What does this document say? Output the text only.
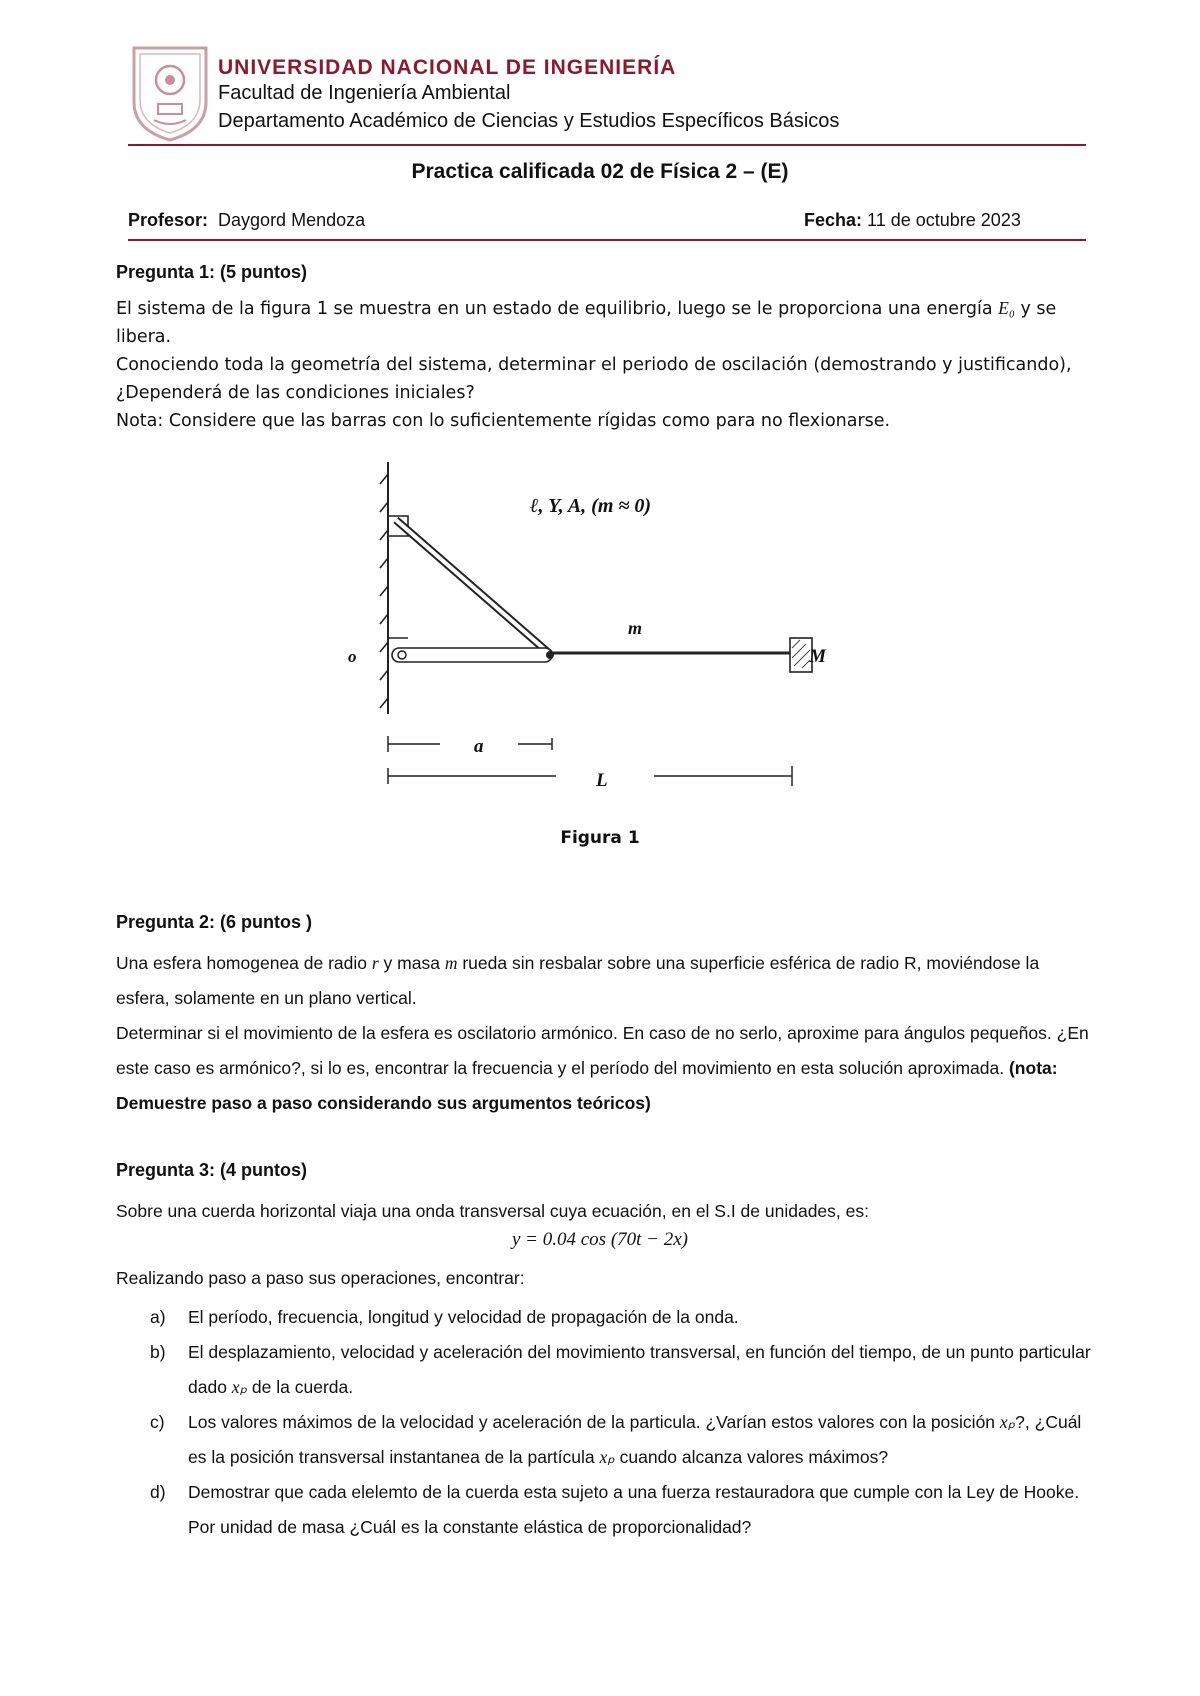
UNIVERSIDAD NACIONAL DE INGENIERÍA
Facultad de Ingeniería Ambiental
Departamento Académico de Ciencias y Estudios Específicos Básicos
Practica calificada 02 de Física 2 – (E)
Profesor: Daygord Mendoza	Fecha: 11 de octubre 2023
Pregunta 1: (5 puntos)
El sistema de la figura 1 se muestra en un estado de equilibrio, luego se le proporciona una energía E₀ y se libera.
Conociendo toda la geometría del sistema, determinar el periodo de oscilación (demostrando y justificando), ¿Dependerá de las condiciones iniciales?
Nota: Considere que las barras con lo suficientemente rígidas como para no flexionarse.
ℓ, Y, A, (m ≈ 0)
m
o	M
a
L
Figura 1
Pregunta 2: (6 puntos )
Una esfera homogenea de radio r y masa m rueda sin resbalar sobre una superficie esférica de radio R, moviéndose la esfera, solamente en un plano vertical.
Determinar si el movimiento de la esfera es oscilatorio armónico. En caso de no serlo, aproxime para ángulos pequeños. ¿En este caso es armónico?, si lo es, encontrar la frecuencia y el período del movimiento en esta solución aproximada. (nota: Demuestre paso a paso considerando sus argumentos teóricos)
Pregunta 3: (4 puntos)
Sobre una cuerda horizontal viaja una onda transversal cuya ecuación, en el S.I de unidades, es:
y = 0.04 cos (70t − 2x)
Realizando paso a paso sus operaciones, encontrar:
a) El período, frecuencia, longitud y velocidad de propagación de la onda.
b) El desplazamiento, velocidad y aceleración del movimiento transversal, en función del tiempo, de un punto particular dado xₚ de la cuerda.
c) Los valores máximos de la velocidad y aceleración de la particula. ¿Varían estos valores con la posición xₚ?, ¿Cuál es la posición transversal instantanea de la partícula xₚ cuando alcanza valores máximos?
d) Demostrar que cada elelemto de la cuerda esta sujeto a una fuerza restauradora que cumple con la Ley de Hooke. Por unidad de masa ¿Cuál es la constante elástica de proporcionalidad?
